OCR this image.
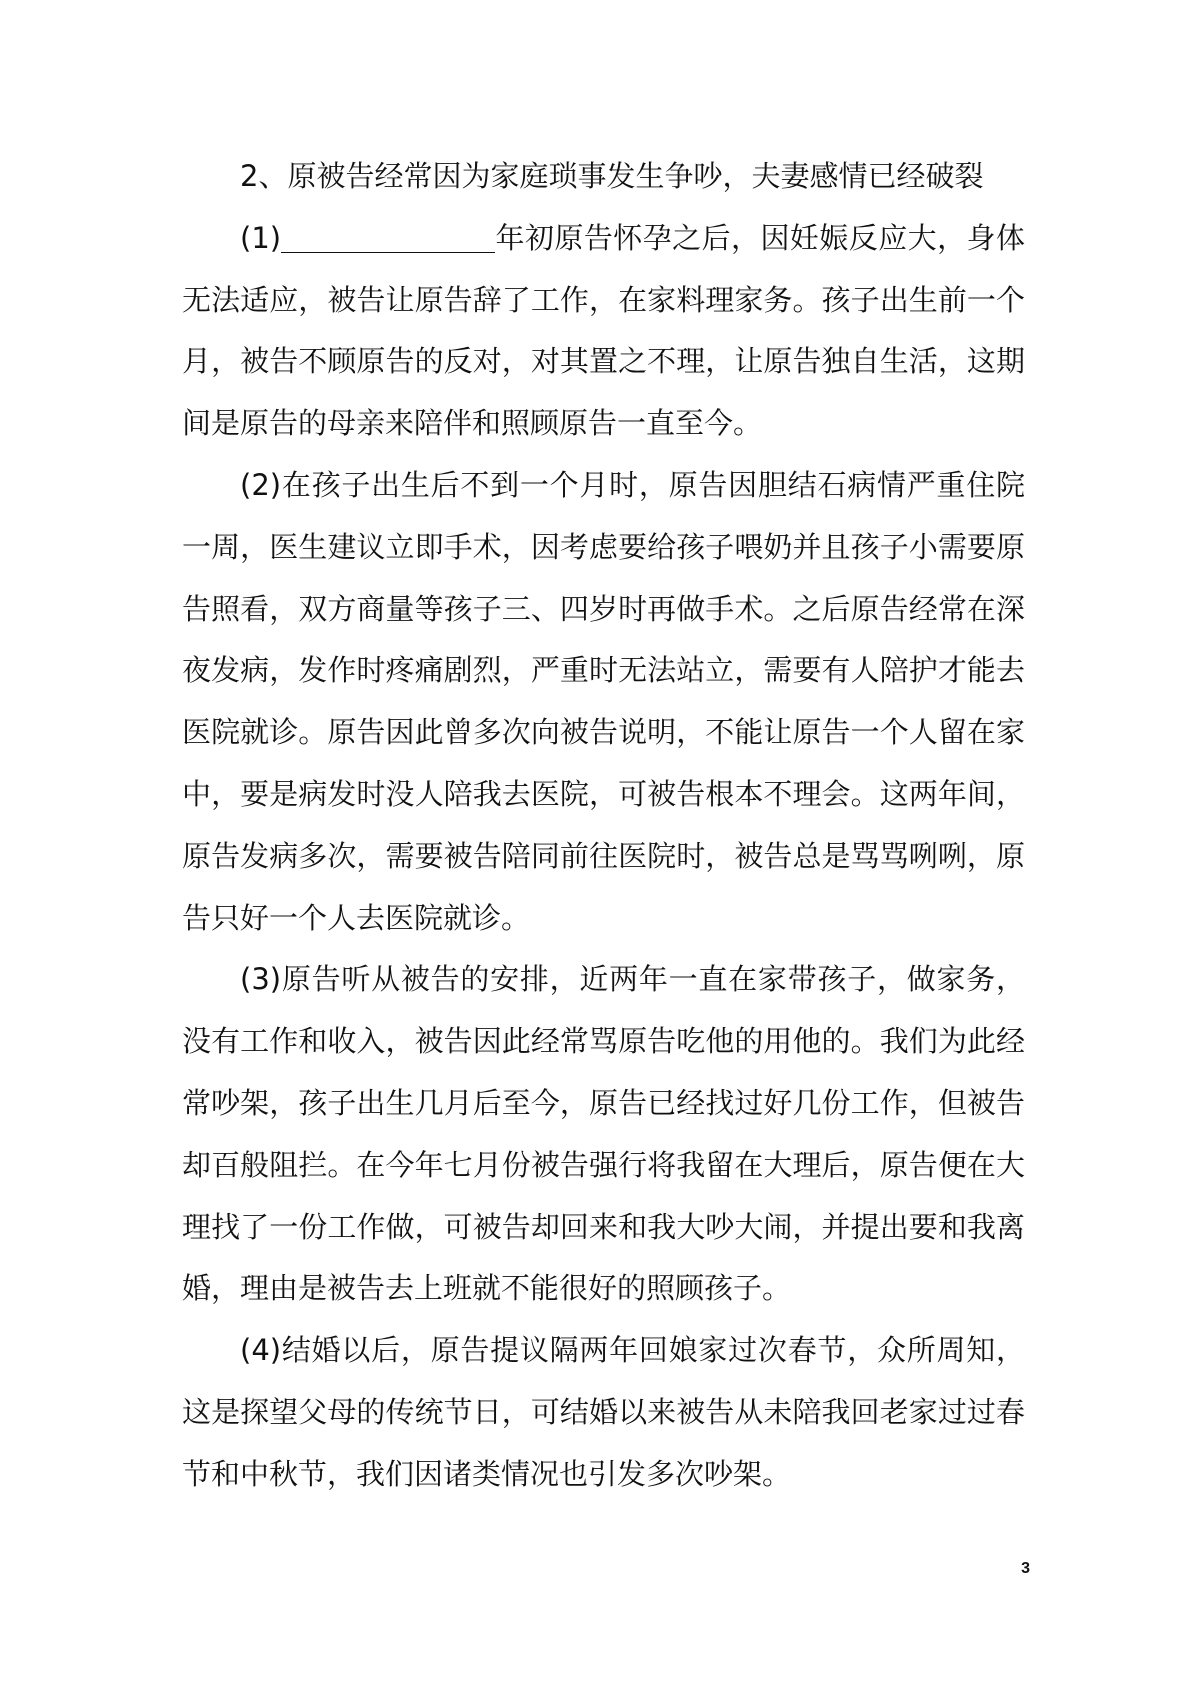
2、原被告经常因为家庭琐事发生争吵，夫妻感情已经破裂

(1)	年初原告怀孕之后，因妊娠反应大，身体无法适应，被告让原告辞了工作，在家料理家务。孩子出生前一个月，被告不顾原告的反对，对其置之不理，让原告独自生活，这期间是原告的母亲来陪伴和照顾原告一直至今。

(2)在孩子出生后不到一个月时，原告因胆结石病情严重住院一周，医生建议立即手术，因考虑要给孩子喂奶并且孩子小需要原告照看，双方商量等孩子三、四岁时再做手术。之后原告经常在深夜发病，发作时疼痛剧烈，严重时无法站立，需要有人陪护才能去医院就诊。原告因此曾多次向被告说明，不能让原告一个人留在家中，要是病发时没人陪我去医院，可被告根本不理会。这两年间，原告发病多次，需要被告陪同前往医院时，被告总是骂骂咧咧，原告只好一个人去医院就诊。

(3)原告听从被告的安排，近两年一直在家带孩子，做家务，没有工作和收入，被告因此经常骂原告吃他的用他的。我们为此经常吵架，孩子出生几月后至今，原告已经找过好几份工作，但被告却百般阻拦。在今年七月份被告强行将我留在大理后，原告便在大理找了一份工作做，可被告却回来和我大吵大闹，并提出要和我离婚，理由是被告去上班就不能很好的照顾孩子。

(4)结婚以后，原告提议隔两年回娘家过次春节，众所周知，这是探望父母的传统节日，可结婚以来被告从未陪我回老家过过春节和中秋节，我们因诸类情况也引发多次吵架。

3
